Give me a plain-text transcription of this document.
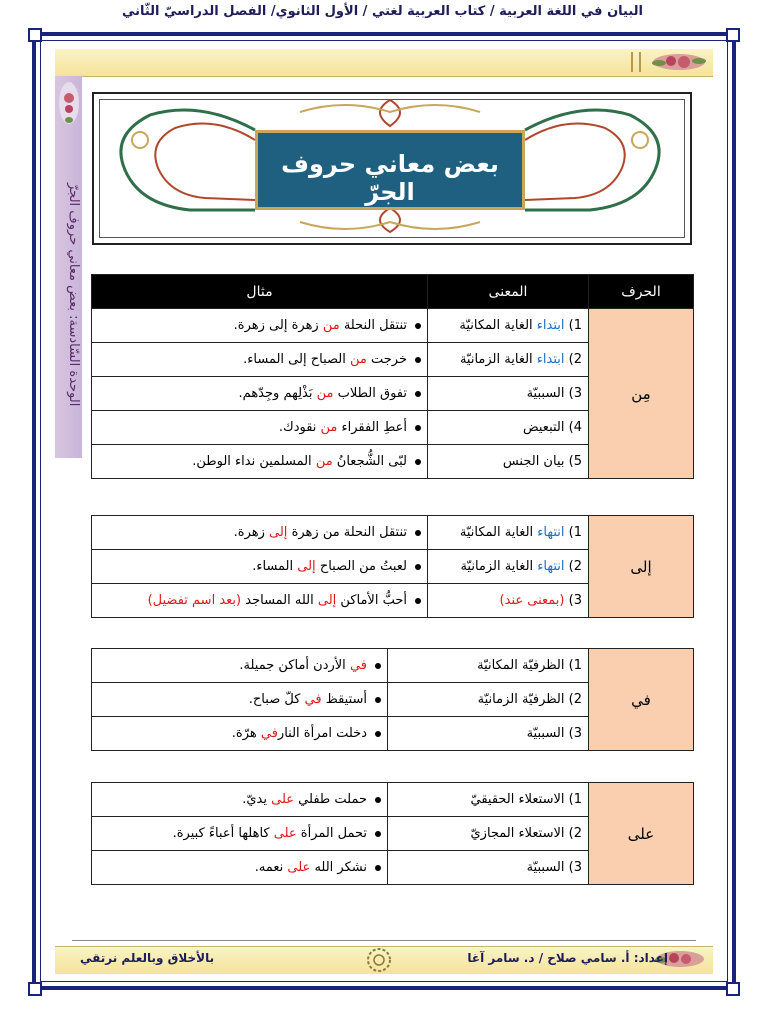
البيان في اللغة العربية / كتاب العربية لغتي / الأول الثانوي/ الفصل الدراسيّ الثّاني
الوحدة السّادسة: بعض معاني حروف الجرّ
بعض معاني حروف الجرّ
الحرف	المعنى	مثال
مِن	1) ابتداء الغاية المكانيّة	تنتقل النحلة من زهرة إلى زهرة.
	2) ابتداء الغاية الزمانيّة	خرجت من الصباح إلى المساء.
	3) السببيّة	تفوق الطلاب من بَذْلِهم وجِدّهم.
	4) التبعيض	أعطِ الفقراء من نقودك.
	5) بيان الجنس	لبّى الشُّجعانُ من المسلمين نداء الوطن.
إلى	1) انتهاء الغاية المكانيّة	تنتقل النحلة من زهرة إلى زهرة.
	2) انتهاء الغاية الزمانيّة	لعبتُ من الصباح إلى المساء.
	3) (بمعنى عند)	أحبُّ الأماكن إلى الله المساجد (بعد اسم تفضيل)
في	1) الظرفيّة المكانيّة	في الأردن أماكن جميلة.
	2) الظرفيّة الزمانيّة	أستيقظ في كلّ صباح.
	3) السببيّة	دخلت امرأة النارفي هرّة.
على	1) الاستعلاء الحقيقيّ	حملت طفلي على يديّ.
	2) الاستعلاء المجازيّ	تحمل المرأة على كاهلها أعباءً كبيرة.
	3) السببيّة	نشكر الله على نعمه.
إعداد: أ. سامي صلاح / د. سامر آغا
بالأخلاق وبالعلم نرتقي
